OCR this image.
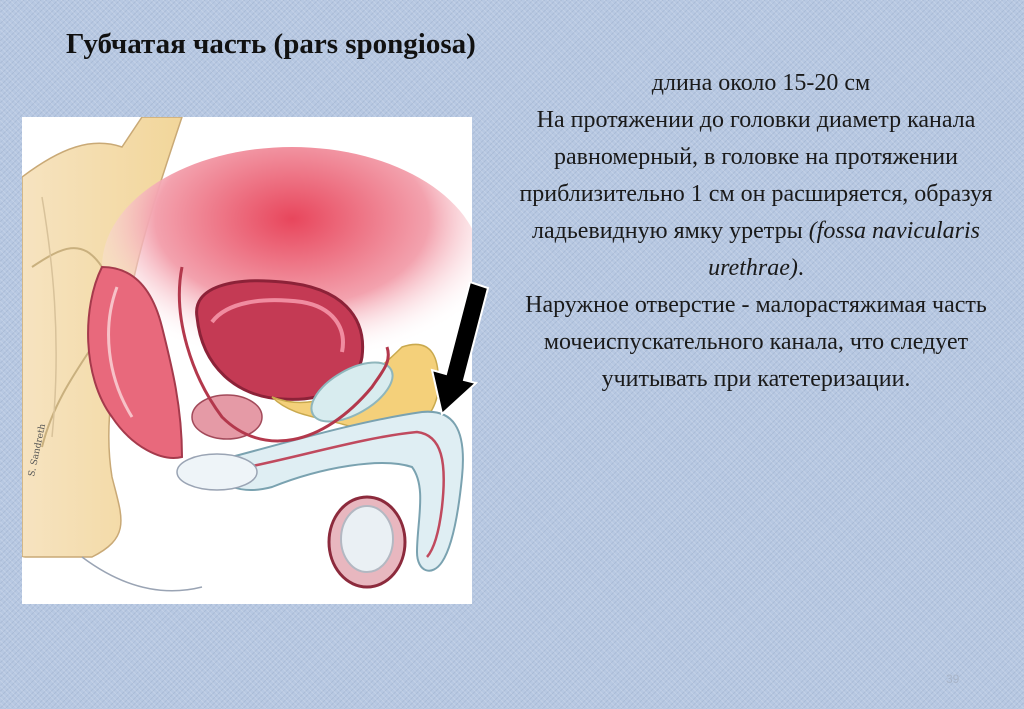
Губчатая часть (pars spongiosa)
S. Sandreth

длина около 15-20 см

На протяжении до головки диаметр канала равномерный, в головке на протяжении приблизительно 1 см он расширяется, образуя ладьевидную ямку уретры (fossa navicularis urethrae).

Наружное отверстие - малорастяжимая часть мочеиспускательного канала, что следует учитывать при катетеризации.

39
